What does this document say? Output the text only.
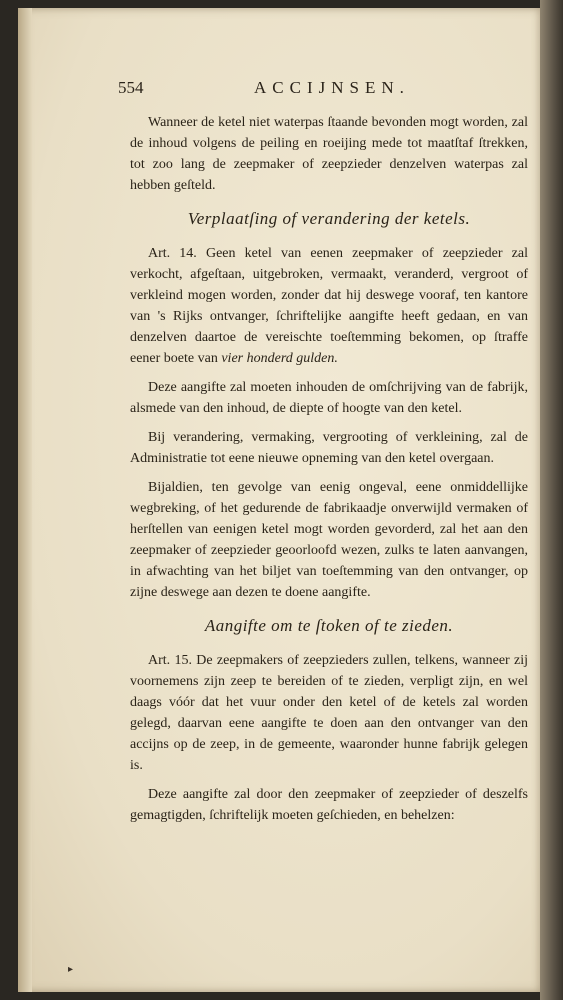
554	ACCIJNSEN.

Wanneer de ketel niet waterpas ſtaande bevonden mogt worden, zal de inhoud volgens de peiling en roeijing mede tot maatſtaf ſtrekken, tot zoo lang de zeepmaker of zeepzieder denzelven waterpas zal hebben geſteld.

Verplaatſing of verandering der ketels.

Art. 14. Geen ketel van eenen zeepmaker of zeepzieder zal verkocht, afgeſtaan, uitgebroken, vermaakt, veranderd, vergroot of verkleind mogen worden, zonder dat hij deswege vooraf, ten kantore van 's Rijks ontvanger, ſchriftelijke aangifte heeft gedaan, en van denzelven daartoe de vereischte toeſtemming bekomen, op ſtraffe eener boete van vier honderd gulden.

Deze aangifte zal moeten inhouden de omſchrijving van de fabrijk, alsmede van den inhoud, de diepte of hoogte van den ketel.

Bij verandering, vermaking, vergrooting of verkleining, zal de Administratie tot eene nieuwe opneming van den ketel overgaan.

Bijaldien, ten gevolge van eenig ongeval, eene onmiddellijke wegbreking, of het gedurende de fabrikaadje onverwijld vermaken of herſtellen van eenigen ketel mogt worden gevorderd, zal het aan den zeepmaker of zeepzieder geoorloofd wezen, zulks te laten aanvangen, in afwachting van het biljet van toeſtemming van den ontvanger, op zijne deswege aan dezen te doene aangifte.

Aangifte om te ſtoken of te zieden.

Art. 15. De zeepmakers of zeepzieders zullen, telkens, wanneer zij voornemens zijn zeep te bereiden of te zieden, verpligt zijn, en wel daags vóór dat het vuur onder den ketel of de ketels zal worden gelegd, daarvan eene aangifte te doen aan den ontvanger van den accijns op de zeep, in de gemeente, waaronder hunne fabrijk gelegen is.

Deze aangifte zal door den zeepmaker of zeepzieder of deszelfs gemagtigden, ſchriftelijk moeten geſchieden, en behelzen:

▸
